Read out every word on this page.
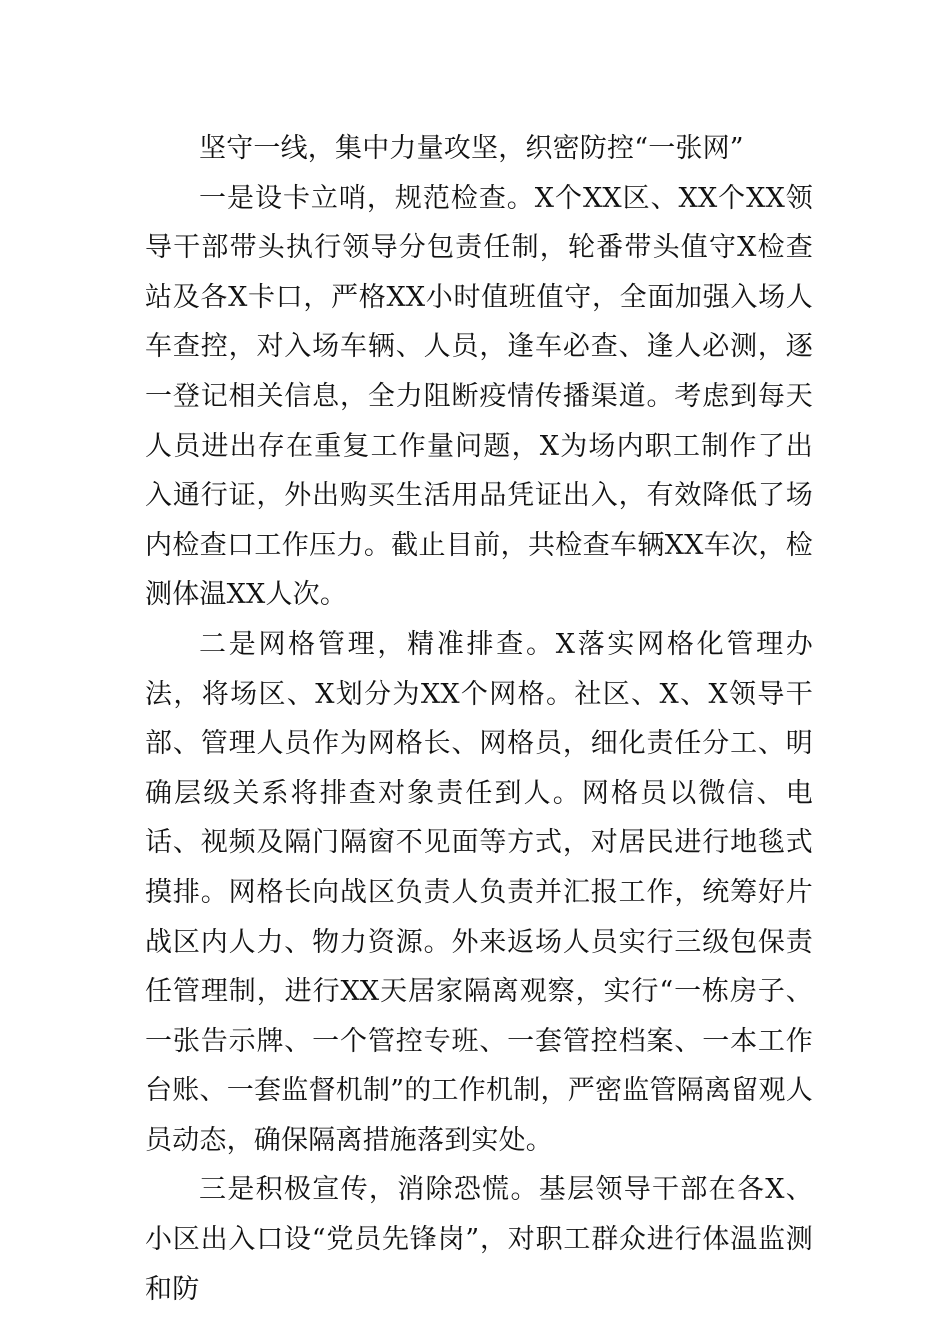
坚守一线，集中力量攻坚，织密防控“一张网”

一是设卡立哨，规范检查。X个XX区、XX个XX领导干部带头执行领导分包责任制，轮番带头值守X检查站及各X卡口，严格XX小时值班值守，全面加强入场人车查控，对入场车辆、人员，逢车必查、逢人必测，逐一登记相关信息，全力阻断疫情传播渠道。考虑到每天人员进出存在重复工作量问题，X为场内职工制作了出入通行证，外出购买生活用品凭证出入，有效降低了场内检查口工作压力。截止目前，共检查车辆XX车次，检测体温XX人次。

二是网格管理，精准排查。X落实网格化管理办法，将场区、X划分为XX个网格。社区、X、X领导干部、管理人员作为网格长、网格员，细化责任分工、明确层级关系将排查对象责任到人。网格员以微信、电话、视频及隔门隔窗不见面等方式，对居民进行地毯式摸排。网格长向战区负责人负责并汇报工作，统筹好片战区内人力、物力资源。外来返场人员实行三级包保责任管理制，进行XX天居家隔离观察，实行“一栋房子、一张告示牌、一个管控专班、一套管控档案、一本工作台账、一套监督机制”的工作机制，严密监管隔离留观人员动态，确保隔离措施落到实处。

三是积极宣传，消除恐慌。基层领导干部在各X、小区出入口设“党员先锋岗”，对职工群众进行体温监测和防
